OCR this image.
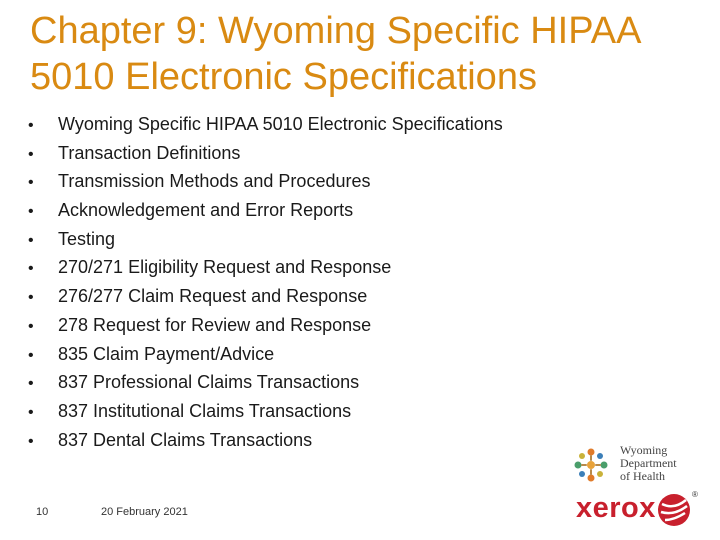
Chapter 9: Wyoming Specific HIPAA 5010 Electronic Specifications
•	Wyoming Specific HIPAA 5010 Electronic Specifications
•	Transaction Definitions
•	Transmission Methods and Procedures
•	Acknowledgement and Error Reports
•	Testing
•	270/271 Eligibility Request and Response
•	276/277 Claim Request and Response
•	278 Request for Review and Response
•	835 Claim Payment/Advice
•	837 Professional Claims Transactions
•	837 Institutional Claims Transactions
•	837 Dental Claims Transactions
10	20 February 2021
Wyoming
Department
of Health
xerox	®
